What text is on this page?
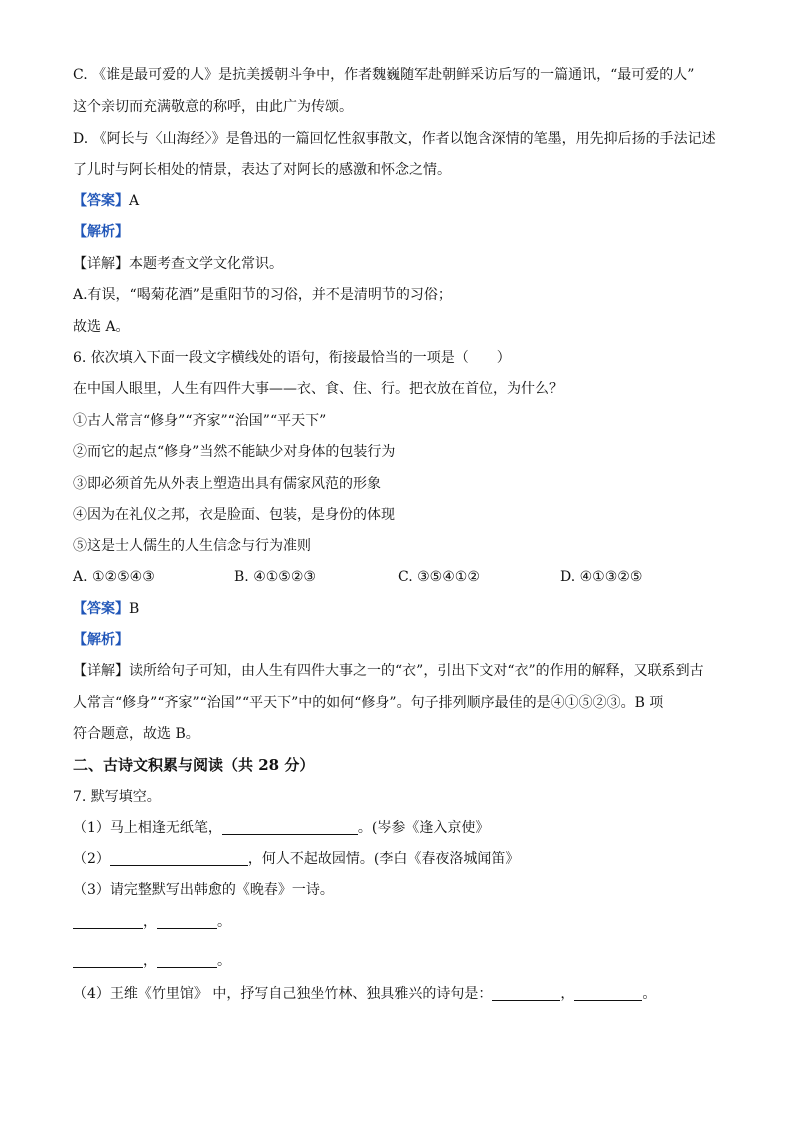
C. 《谁是最可爱的人》是抗美援朝斗争中，作者魏巍随军赴朝鲜采访后写的一篇通讯，“最可爱的人”
这个亲切而充满敬意的称呼，由此广为传颂。
D. 《阿长与〈山海经〉》是鲁迅的一篇回忆性叙事散文，作者以饱含深情的笔墨，用先抑后扬的手法记述
了儿时与阿长相处的情景，表达了对阿长的感激和怀念之情。
【答案】A
【解析】
【详解】本题考查文学文化常识。
A.有误，“喝菊花酒”是重阳节的习俗，并不是清明节的习俗；
故选 A。
6. 依次填入下面一段文字横线处的语句，衔接最恰当的一项是（　　）
在中国人眼里，人生有四件大事——衣、食、住、行。把衣放在首位，为什么？
①古人常言“修身”“齐家”“治国”“平天下”
②而它的起点“修身”当然不能缺少对身体的包装行为
③即必须首先从外表上塑造出具有儒家风范的形象
④因为在礼仪之邦，衣是脸面、包装，是身份的体现
⑤这是士人儒生的人生信念与行为准则
A. ①②⑤④③	B. ④①⑤②③	C. ③⑤④①②	D. ④①③②⑤
【答案】B
【解析】
【详解】读所给句子可知，由人生有四件大事之一的“衣”，引出下文对“衣”的作用的解释，又联系到古
人常言“修身”“齐家”“治国”“平天下”中的如何“修身”。句子排列顺序最佳的是④①⑤②③。B 项
符合题意，故选 B。
二、古诗文积累与阅读（共 28 分）
7. 默写填空。
（1）马上相逢无纸笔，	。(岑参《逢入京使》
（2）	，何人不起故园情。(李白《春夜洛城闻笛》
（3）请完整默写出韩愈的《晚春》一诗。
，	。
，	。
（4）王维《竹里馆》 中，抒写自己独坐竹林、独具雅兴的诗句是：	，	。
